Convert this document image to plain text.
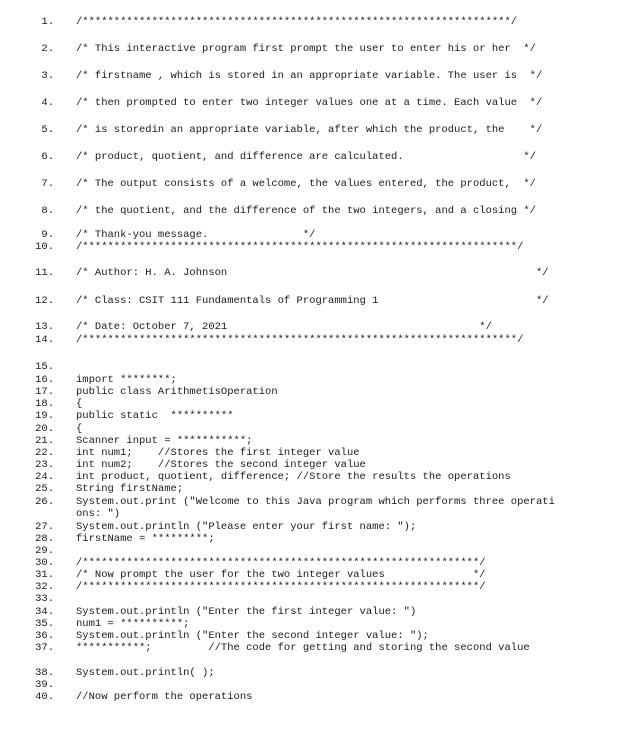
1. /********************************************************************/
2. /* This interactive program first prompt the user to enter his or her  */
3. /* firstname , which is stored in an appropriate variable. The user is  */
4. /* then prompted to enter two integer values one at a time. Each value  */
5. /* is storedin an appropriate variable, after which the product, the    */
6. /* product, quotient, and difference are calculated.                   */
7. /* The output consists of a welcome, the values entered, the product,  */
8. /* the quotient, and the difference of the two integers, and a closing */
9. /* Thank-you message.               */
10. /*********************************************************************/
11. /* Author: H. A. Johnson                                                 */
12. /* Class: CSIT 111 Fundamentals of Programming 1                         */
13. /* Date: October 7, 2021                                        */
14. /*********************************************************************/
15.
16. import ********;
17. public class ArithmetisOperation
18. {
19. public static  **********
20. {
21. Scanner input = ***********;
22. int num1;    //Stores the first integer value
23. int num2;    //Stores the second integer value
24. int product, quotient, difference; //Store the results the operations
25. String firstName;
26. System.out.print ("Welcome to this Java program which performs three operations: ")
27. System.out.println ("Please enter your first name: ");
28. firstName = *********;
29.
30. /***************************************************************/
31. /* Now prompt the user for the two integer values              */
32. /***************************************************************/
33.
34. System.out.println ("Enter the first integer value: ")
35. num1 = **********;
36. System.out.println ("Enter the second integer value: ");
37. ***********;         //The code for getting and storing the second value
38. System.out.println( );
39.
40. //Now perform the operations
